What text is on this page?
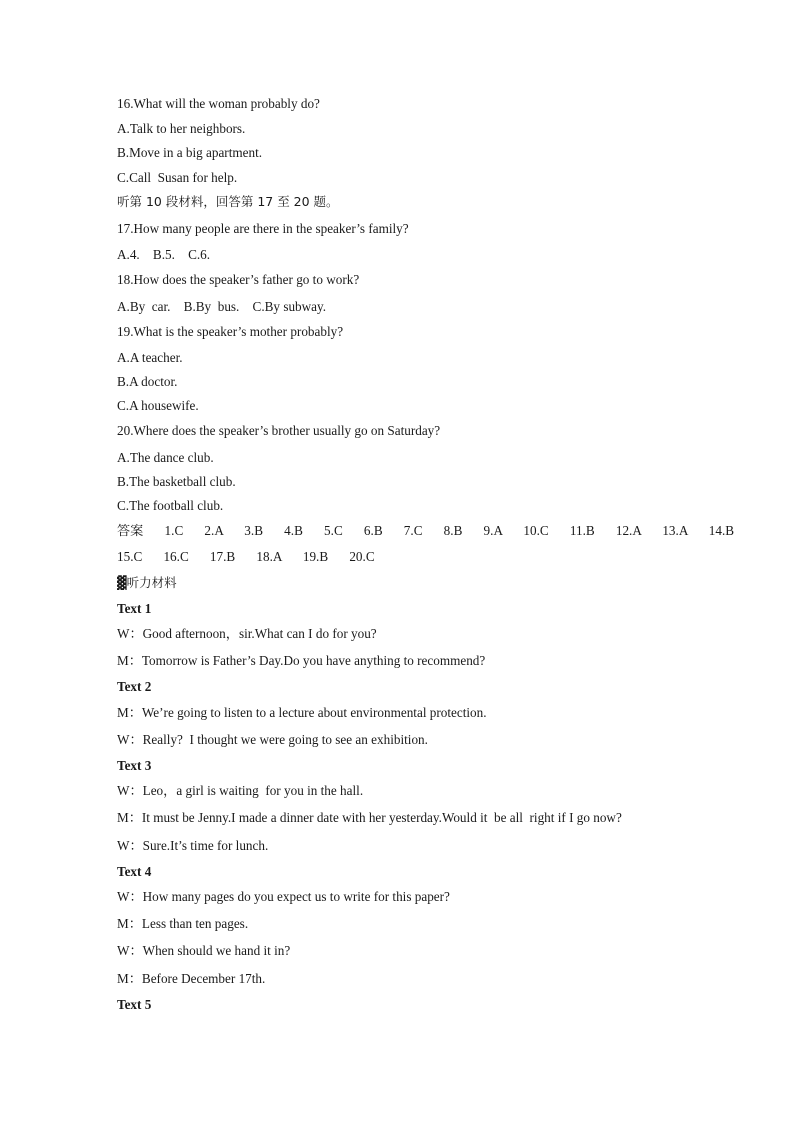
16.What will the woman probably do?
A.Talk to her neighbors.
B.Move in a big apartment.
C.Call  Susan for help.
听第 10 段材料，回答第 17 至 20 题。
17.How many people are there in the speaker’s family?
A.4.    B.5.    C.6.
18.How does the speaker’s father go to work?
A.By  car.    B.By  bus.    C.By subway.
19.What is the speaker’s mother probably?
A.A teacher.
B.A doctor.
C.A housewife.
20.Where does the speaker’s brother usually go on Saturday?
A.The dance club.
B.The basketball club.
C.The football club.
答案    1.C    2.A    3.B    4.B    5.C    6.B    7.C    8.B    9.A    10.C    11.B    12.A    13.A    14.B
15.C    16.C    17.B    18.A    19.B    20.C
▓听力材料
Text 1
W：Good afternoon，sir.What can I do for you?
M：Tomorrow is Father’s Day.Do you have anything to recommend?
Text 2
M：We’re going to listen to a lecture about environmental protection.
W：Really?  I thought we were going to see an exhibition.
Text 3
W：Leo，a girl is waiting  for you in the hall.
M：It must be Jenny.I made a dinner date with her yesterday.Would it  be all  right if I go now?
W：Sure.It’s time for lunch.
Text 4
W：How many pages do you expect us to write for this paper?
M：Less than ten pages.
W：When should we hand it in?
M：Before December 17th.
Text 5
